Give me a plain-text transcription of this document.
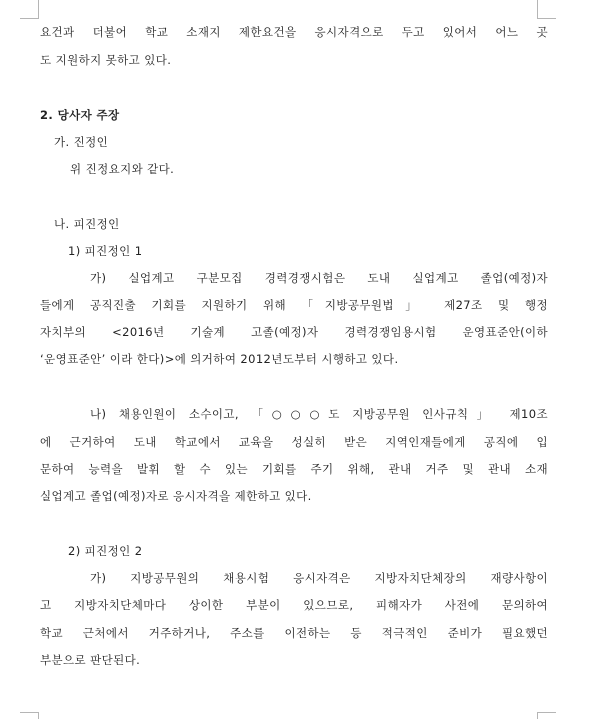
요건과 더불어 학교 소재지 제한요건을 응시자격으로 두고 있어서 어느 곳
도 지원하지 못하고 있다.
2. 당사자 주장
가. 진정인
위 진정요지와 같다.
나. 피진정인
1) 피진정인 1
가) 실업계고 구분모집 경력경쟁시험은 도내 실업계고 졸업(예정)자
들에게 공직진출 기회를 지원하기 위해 「지방공무원법」 제27조 및 행정
자치부의 <2016년 기술계 고졸(예정)자 경력경쟁임용시험 운영표준안(이하
‘운영표준안’ 이라 한다)>에 의거하여 2012년도부터 시행하고 있다.
나) 채용인원이 소수이고, 「○○○도 지방공무원 인사규칙」 제10조
에 근거하여 도내 학교에서 교육을 성실히 받은 지역인재들에게 공직에 입
문하여 능력을 발휘 할 수 있는 기회를 주기 위해, 관내 거주 및 관내 소재
실업계고 졸업(예정)자로 응시자격을 제한하고 있다.
2) 피진정인 2
가) 지방공무원의 채용시험 응시자격은 지방자치단체장의 재량사항이
고 지방자치단체마다 상이한 부분이 있으므로, 피해자가 사전에 문의하여
학교 근처에서 거주하거나, 주소를 이전하는 등 적극적인 준비가 필요했던
부분으로 판단된다.
